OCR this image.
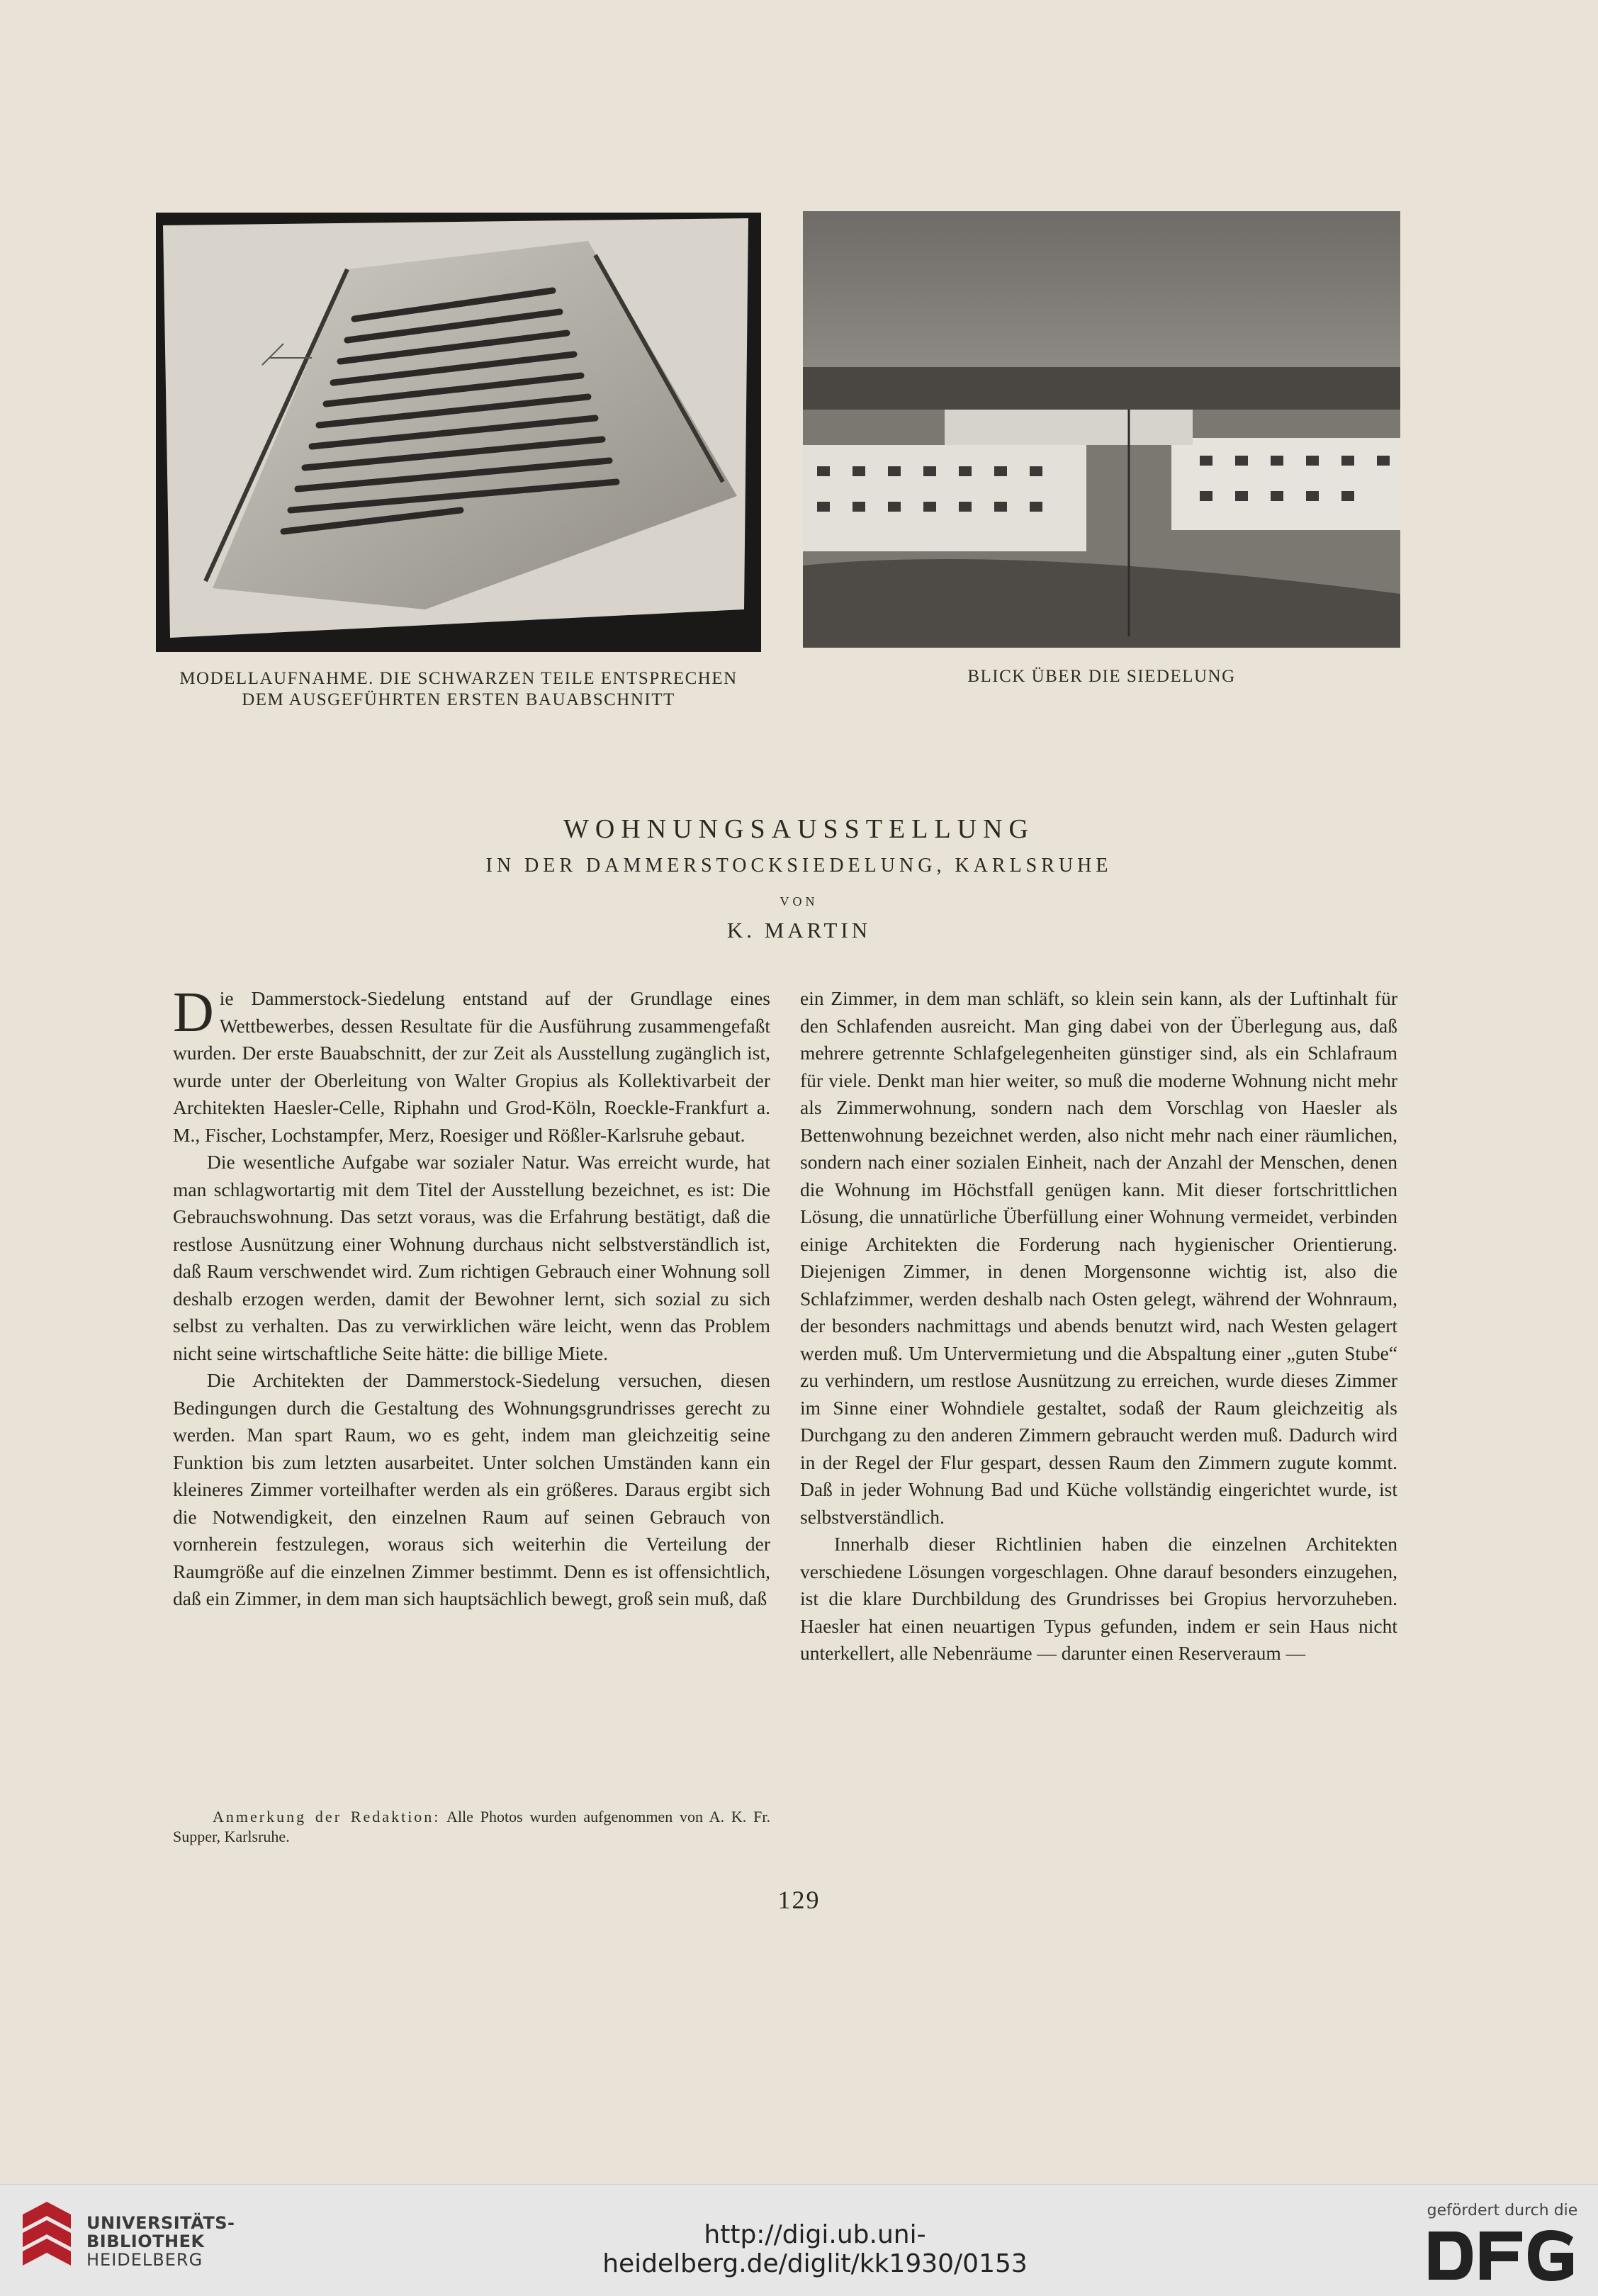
MODELLAUFNAHME. DIE SCHWARZEN TEILE ENTSPRECHEN
DEM AUSGEFÜHRTEN ERSTEN BAUABSCHNITT
BLICK ÜBER DIE SIEDELUNG
WOHNUNGSAUSSTELLUNG
IN DER DAMMERSTOCKSIEDELUNG, KARLSRUHE
VON
K. MARTIN

Die Dammerstock-Siedelung entstand auf der Grundlage eines Wettbewerbes, dessen Resultate für die Ausführung zusammengefaßt wurden. Der erste Bauabschnitt, der zur Zeit als Ausstellung zugänglich ist, wurde unter der Oberleitung von Walter Gropius als Kollektivarbeit der Architekten Haesler-Celle, Riphahn und Grod-Köln, Roeckle-Frankfurt a. M., Fischer, Lochstampfer, Merz, Roesiger und Rößler-Karlsruhe gebaut.

Die wesentliche Aufgabe war sozialer Natur. Was erreicht wurde, hat man schlagwortartig mit dem Titel der Ausstellung bezeichnet, es ist: Die Gebrauchswohnung. Das setzt voraus, was die Erfahrung bestätigt, daß die restlose Ausnützung einer Wohnung durchaus nicht selbstverständlich ist, daß Raum verschwendet wird. Zum richtigen Gebrauch einer Wohnung soll deshalb erzogen werden, damit der Bewohner lernt, sich sozial zu sich selbst zu verhalten. Das zu verwirklichen wäre leicht, wenn das Problem nicht seine wirtschaftliche Seite hätte: die billige Miete.

Die Architekten der Dammerstock-Siedelung versuchen, diesen Bedingungen durch die Gestaltung des Wohnungsgrundrisses gerecht zu werden. Man spart Raum, wo es geht, indem man gleichzeitig seine Funktion bis zum letzten ausarbeitet. Unter solchen Umständen kann ein kleineres Zimmer vorteilhafter werden als ein größeres. Daraus ergibt sich die Notwendigkeit, den einzelnen Raum auf seinen Gebrauch von vornherein festzulegen, woraus sich weiterhin die Verteilung der Raumgröße auf die einzelnen Zimmer bestimmt. Denn es ist offensichtlich, daß ein Zimmer, in dem man sich hauptsächlich bewegt, groß sein muß, daß

ein Zimmer, in dem man schläft, so klein sein kann, als der Luftinhalt für den Schlafenden ausreicht. Man ging dabei von der Überlegung aus, daß mehrere getrennte Schlafgelegenheiten günstiger sind, als ein Schlafraum für viele. Denkt man hier weiter, so muß die moderne Wohnung nicht mehr als Zimmerwohnung, sondern nach dem Vorschlag von Haesler als Bettenwohnung bezeichnet werden, also nicht mehr nach einer räumlichen, sondern nach einer sozialen Einheit, nach der Anzahl der Menschen, denen die Wohnung im Höchstfall genügen kann. Mit dieser fortschrittlichen Lösung, die unnatürliche Überfüllung einer Wohnung vermeidet, verbinden einige Architekten die Forderung nach hygienischer Orientierung. Diejenigen Zimmer, in denen Morgensonne wichtig ist, also die Schlafzimmer, werden deshalb nach Osten gelegt, während der Wohnraum, der besonders nachmittags und abends benutzt wird, nach Westen gelagert werden muß. Um Untervermietung und die Abspaltung einer „guten Stube“ zu verhindern, um restlose Ausnützung zu erreichen, wurde dieses Zimmer im Sinne einer Wohndiele gestaltet, sodaß der Raum gleichzeitig als Durchgang zu den anderen Zimmern gebraucht werden muß. Dadurch wird in der Regel der Flur gespart, dessen Raum den Zimmern zugute kommt. Daß in jeder Wohnung Bad und Küche vollständig eingerichtet wurde, ist selbstverständlich.

Innerhalb dieser Richtlinien haben die einzelnen Architekten verschiedene Lösungen vorgeschlagen. Ohne darauf besonders einzugehen, ist die klare Durchbildung des Grundrisses bei Gropius hervorzuheben. Haesler hat einen neuartigen Typus gefunden, indem er sein Haus nicht unterkellert, alle Nebenräume — darunter einen Reserveraum —

Anmerkung der Redaktion: Alle Photos wurden aufgenommen von A. K. Fr. Supper, Karlsruhe.
129
UNIVERSITÄTS-
BIBLIOTHEK
HEIDELBERG
http://digi.ub.uni-heidelberg.de/diglit/kk1930/0153
gefördert durch die
